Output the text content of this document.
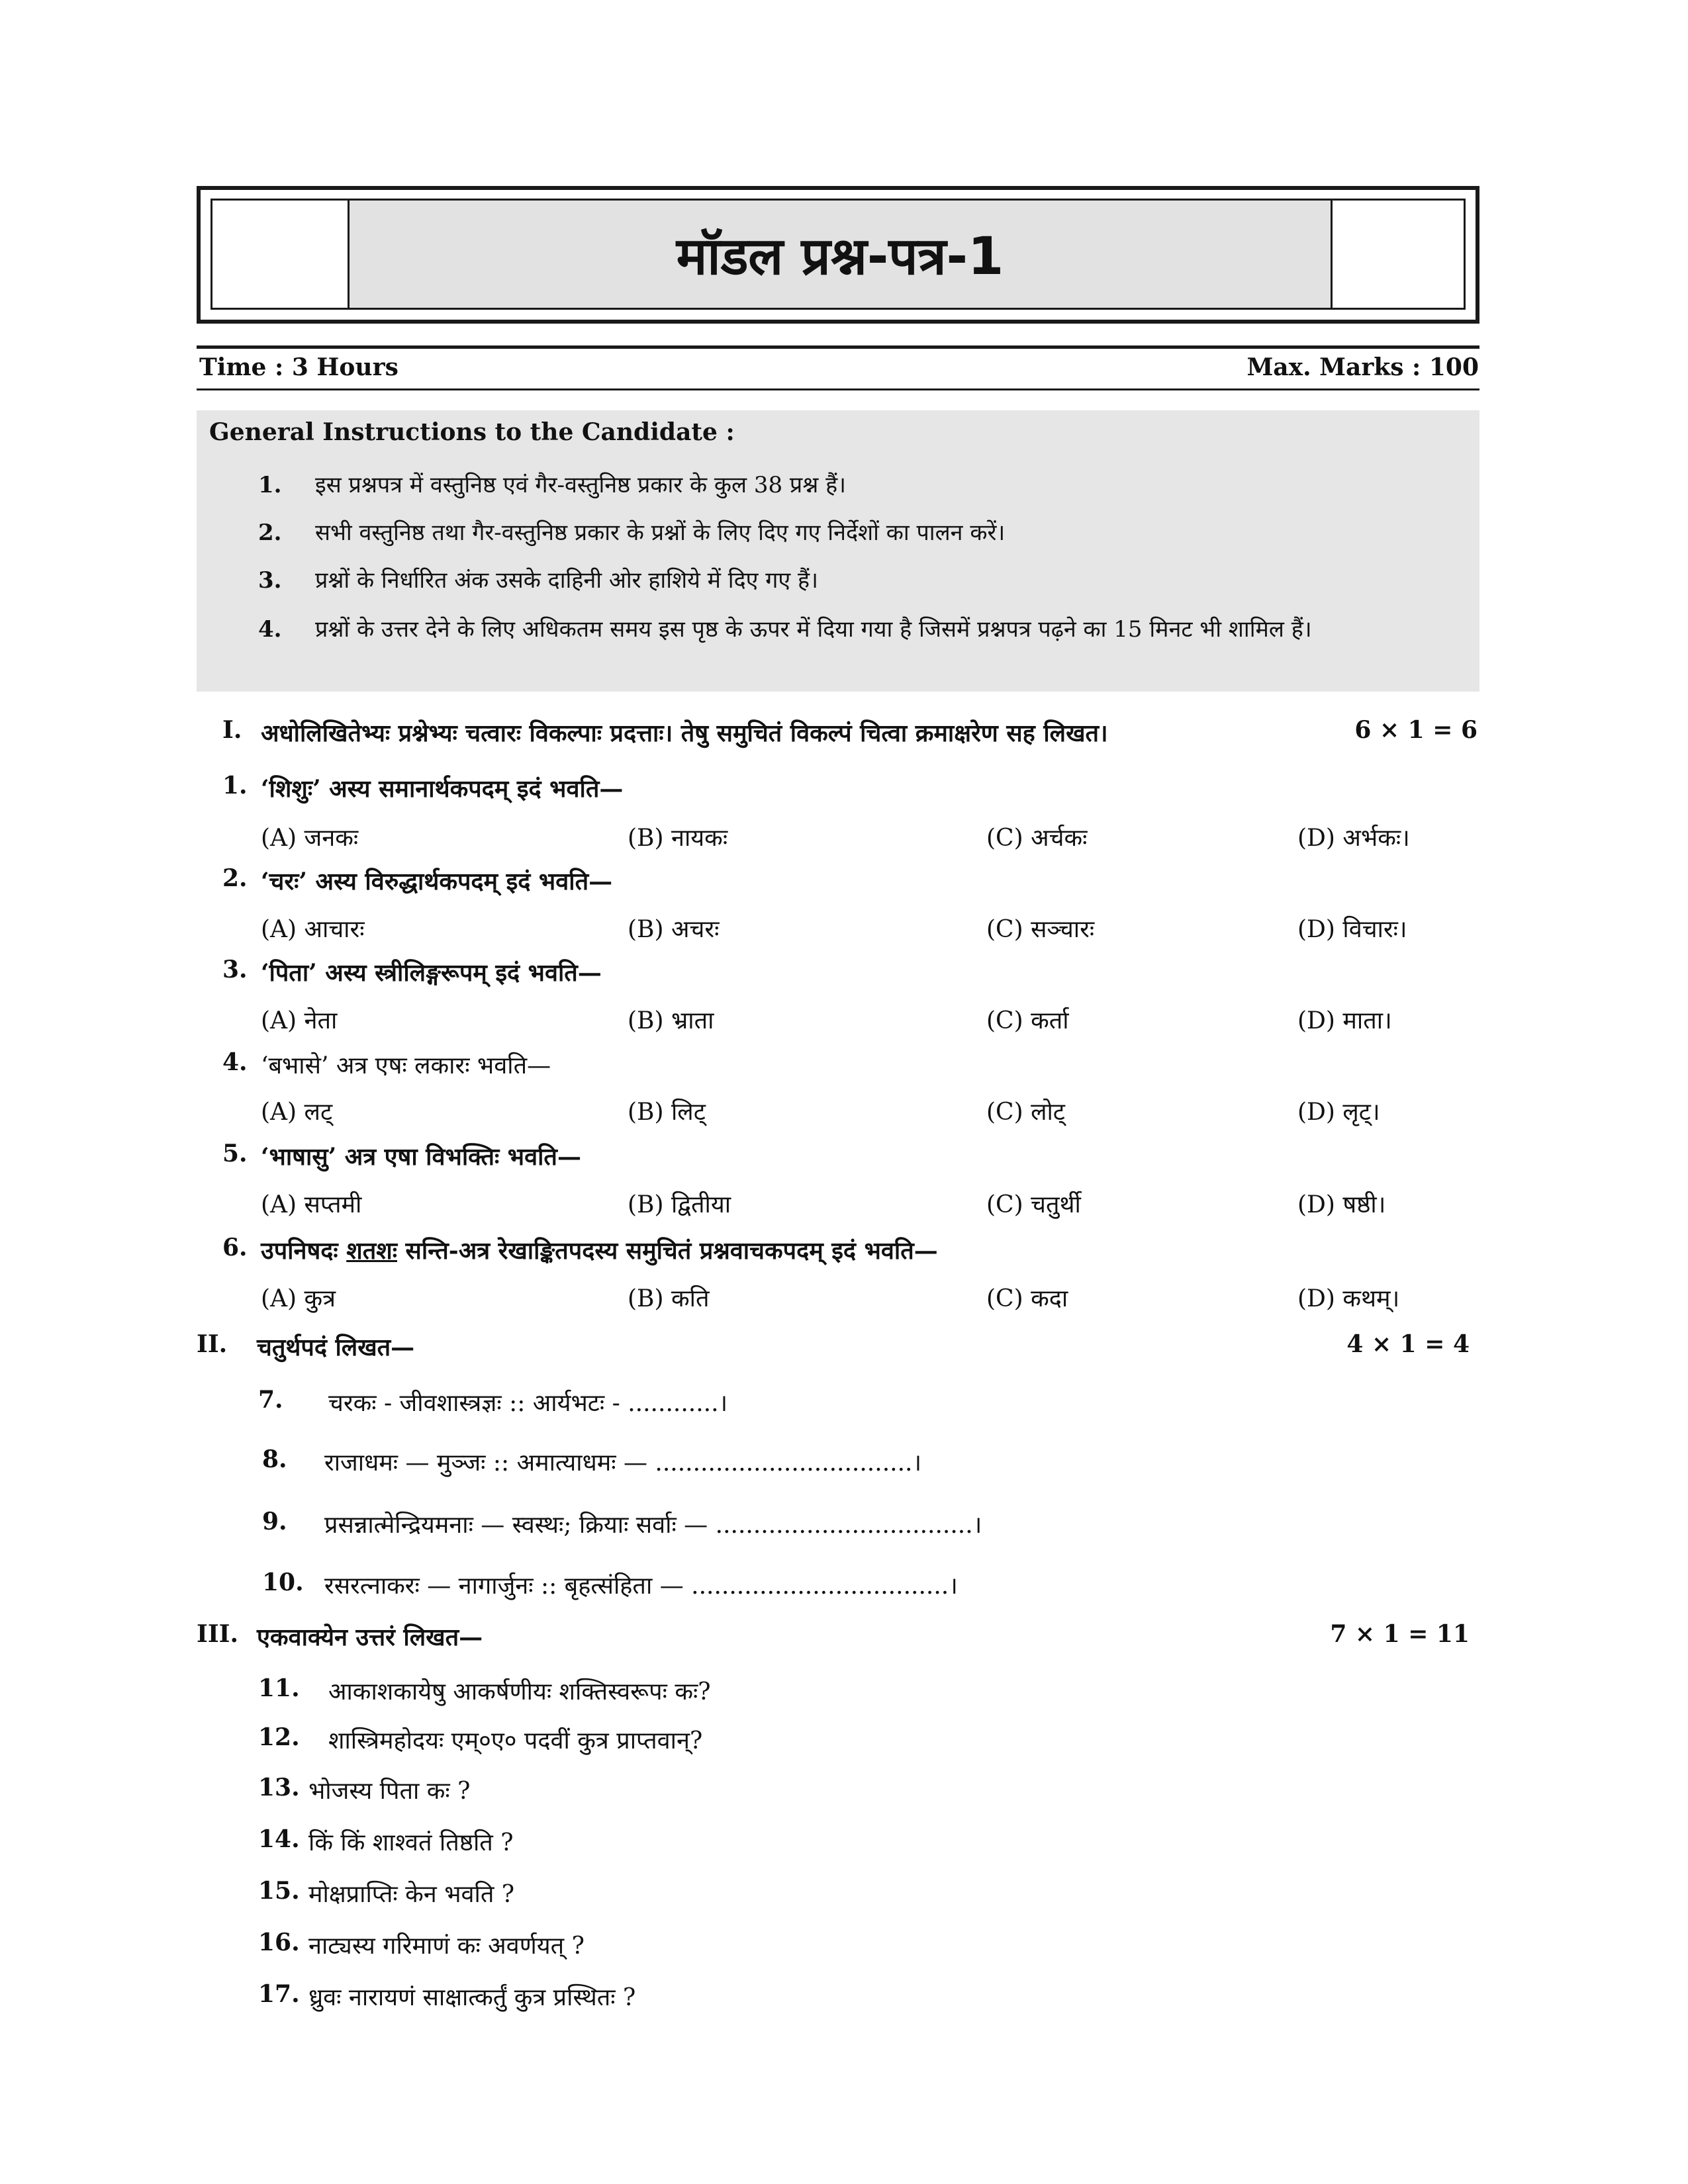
मॉडल प्रश्न-पत्र-1
Time : 3 Hours	Max. Marks : 100
General Instructions to the Candidate :
1.	इस प्रश्नपत्र में वस्तुनिष्ठ एवं गैर-वस्तुनिष्ठ प्रकार के कुल 38 प्रश्न हैं।
2.	सभी वस्तुनिष्ठ तथा गैर-वस्तुनिष्ठ प्रकार के प्रश्नों के लिए दिए गए निर्देशों का पालन करें।
3.	प्रश्नों के निर्धारित अंक उसके दाहिनी ओर हाशिये में दिए गए हैं।
4.	प्रश्नों के उत्तर देने के लिए अधिकतम समय इस पृष्ठ के ऊपर में दिया गया है जिसमें प्रश्नपत्र पढ़ने का 15 मिनट भी शामिल हैं।
I. अधोलिखितेभ्यः प्रश्नेभ्यः चत्वारः विकल्पाः प्रदत्ताः। तेषु समुचितं विकल्पं चित्वा क्रमाक्षरेण सह लिखत।	6 × 1 = 6
1. ‘शिशुः’ अस्य समानार्थकपदम् इदं भवति—
(A) जनकः	(B) नायकः	(C) अर्चकः	(D) अर्भकः।
2. ‘चरः’ अस्य विरुद्धार्थकपदम् इदं भवति—
(A) आचारः	(B) अचरः	(C) सञ्चारः	(D) विचारः।
3. ‘पिता’ अस्य स्त्रीलिङ्गरूपम् इदं भवति—
(A) नेता	(B) भ्राता	(C) कर्ता	(D) माता।
4. ‘बभासे’ अत्र एषः लकारः भवति—
(A) लट्	(B) लिट्	(C) लोट्	(D) लृट्।
5. ‘भाषासु’ अत्र एषा विभक्तिः भवति—
(A) सप्तमी	(B) द्वितीया	(C) चतुर्थी	(D) षष्ठी।
6. उपनिषदः शतशः सन्ति-अत्र रेखाङ्कितपदस्य समुचितं प्रश्नवाचकपदम् इदं भवति—
(A) कुत्र	(B) कति	(C) कदा	(D) कथम्।
II. चतुर्थपदं लिखत—	4 × 1 = 4
7. चरकः - जीवशास्त्रज्ञः :: आर्यभटः - ............।
8. राजाधमः — मुञ्जः :: अमात्याधमः — ..................................।
9. प्रसन्नात्मेन्द्रियमनाः — स्वस्थः; क्रियाः सर्वाः — ..................................।
10. रसरत्नाकरः — नागार्जुनः :: बृहत्संहिता — ..................................।
III. एकवाक्येन उत्तरं लिखत—	7 × 1 = 11
11. आकाशकायेषु आकर्षणीयः शक्तिस्वरूपः कः?
12. शास्त्रिमहोदयः एम्०ए० पदवीं कुत्र प्राप्तवान्?
13. भोजस्य पिता कः ?
14. किं किं शाश्वतं तिष्ठति ?
15. मोक्षप्राप्तिः केन भवति ?
16. नाट्यस्य गरिमाणं कः अवर्णयत् ?
17. ध्रुवः नारायणं साक्षात्कर्तुं कुत्र प्रस्थितः ?
